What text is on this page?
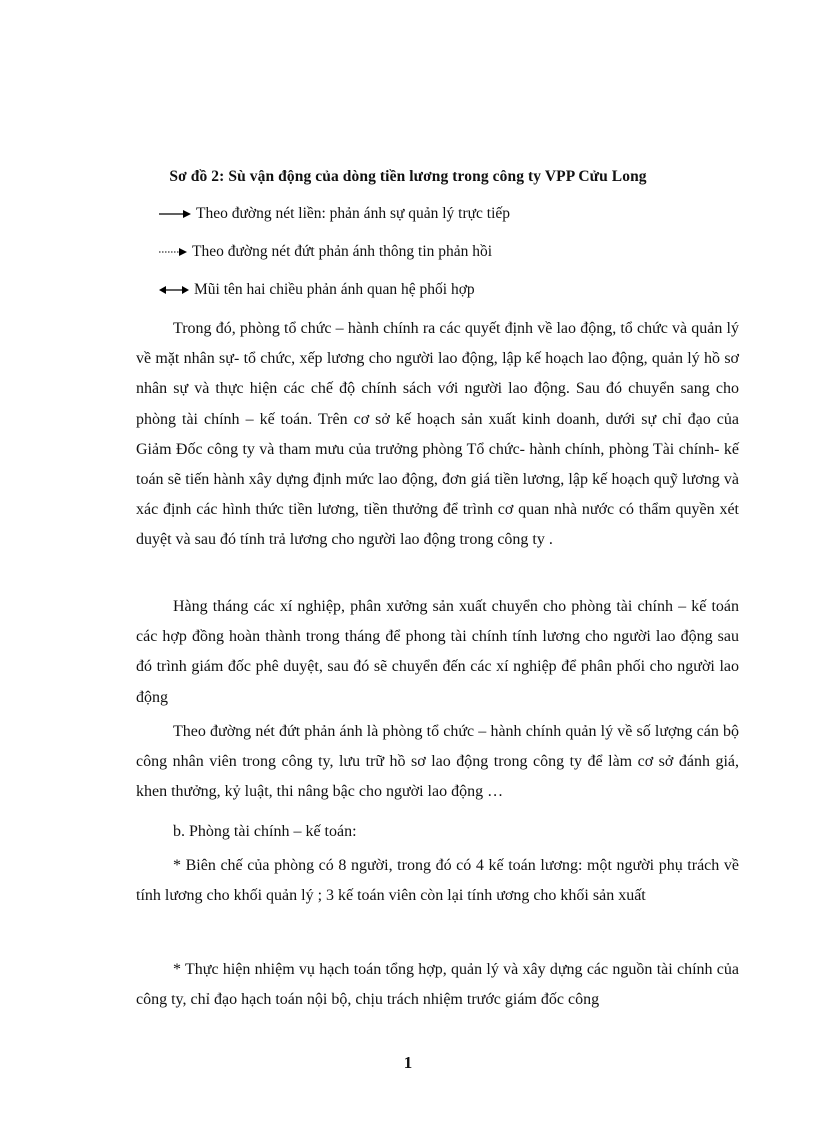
Sơ đồ 2: Sù vận động của dòng tiền lương trong công ty VPP Cửu Long
Theo đường nét liền: phản ánh sự quản lý trực tiếp
Theo đường nét đứt phản ánh thông tin phản hồi
Mũi tên hai chiều phản ánh quan hệ phối hợp

Trong đó, phòng tổ chức – hành chính ra các quyết định về lao động, tổ chức và quản lý về mặt nhân sự- tổ chức, xếp lương cho người lao động, lập kế hoạch lao động, quản lý hồ sơ nhân sự và thực hiện các chế độ chính sách với người lao động. Sau đó chuyển sang cho phòng tài chính – kế toán. Trên cơ sở kế hoạch sản xuất kinh doanh, dưới sự chỉ đạo của Giảm Đốc công ty và tham mưu của trưởng phòng Tổ chức- hành chính, phòng Tài chính- kế toán sẽ tiến hành xây dựng định mức lao động, đơn giá tiền lương, lập kế hoạch quỹ lương và xác định các hình thức tiền lương, tiền thưởng để trình cơ quan nhà nước có thẩm quyền xét duyệt và sau đó tính trả lương cho người lao động trong công ty .

Hàng tháng các xí nghiệp, phân xưởng sản xuất chuyển cho phòng tài chính – kế toán các hợp đồng hoàn thành trong tháng để phong tài chính tính lương cho người lao động sau đó trình giám đốc phê duyệt, sau đó sẽ chuyển đến các xí nghiệp để phân phối cho người lao động

Theo đường nét đứt phản ánh là phòng tổ chức – hành chính quản lý về số lượng cán bộ công nhân viên trong công ty, lưu trữ hồ sơ lao động trong công ty để làm cơ sở đánh giá, khen thưởng, kỷ luật, thi nâng bậc cho người lao động …

b. Phòng tài chính – kế toán:

* Biên chế của phòng có 8 người, trong đó có 4 kế toán lương: một người phụ trách về tính lương cho khối quản lý ; 3 kế toán viên còn lại tính ương cho khối sản xuất

* Thực hiện nhiệm vụ hạch toán tổng hợp, quản lý và xây dựng các nguồn tài chính của công ty, chỉ đạo hạch toán nội bộ, chịu trách nhiệm trước giám đốc công

1
